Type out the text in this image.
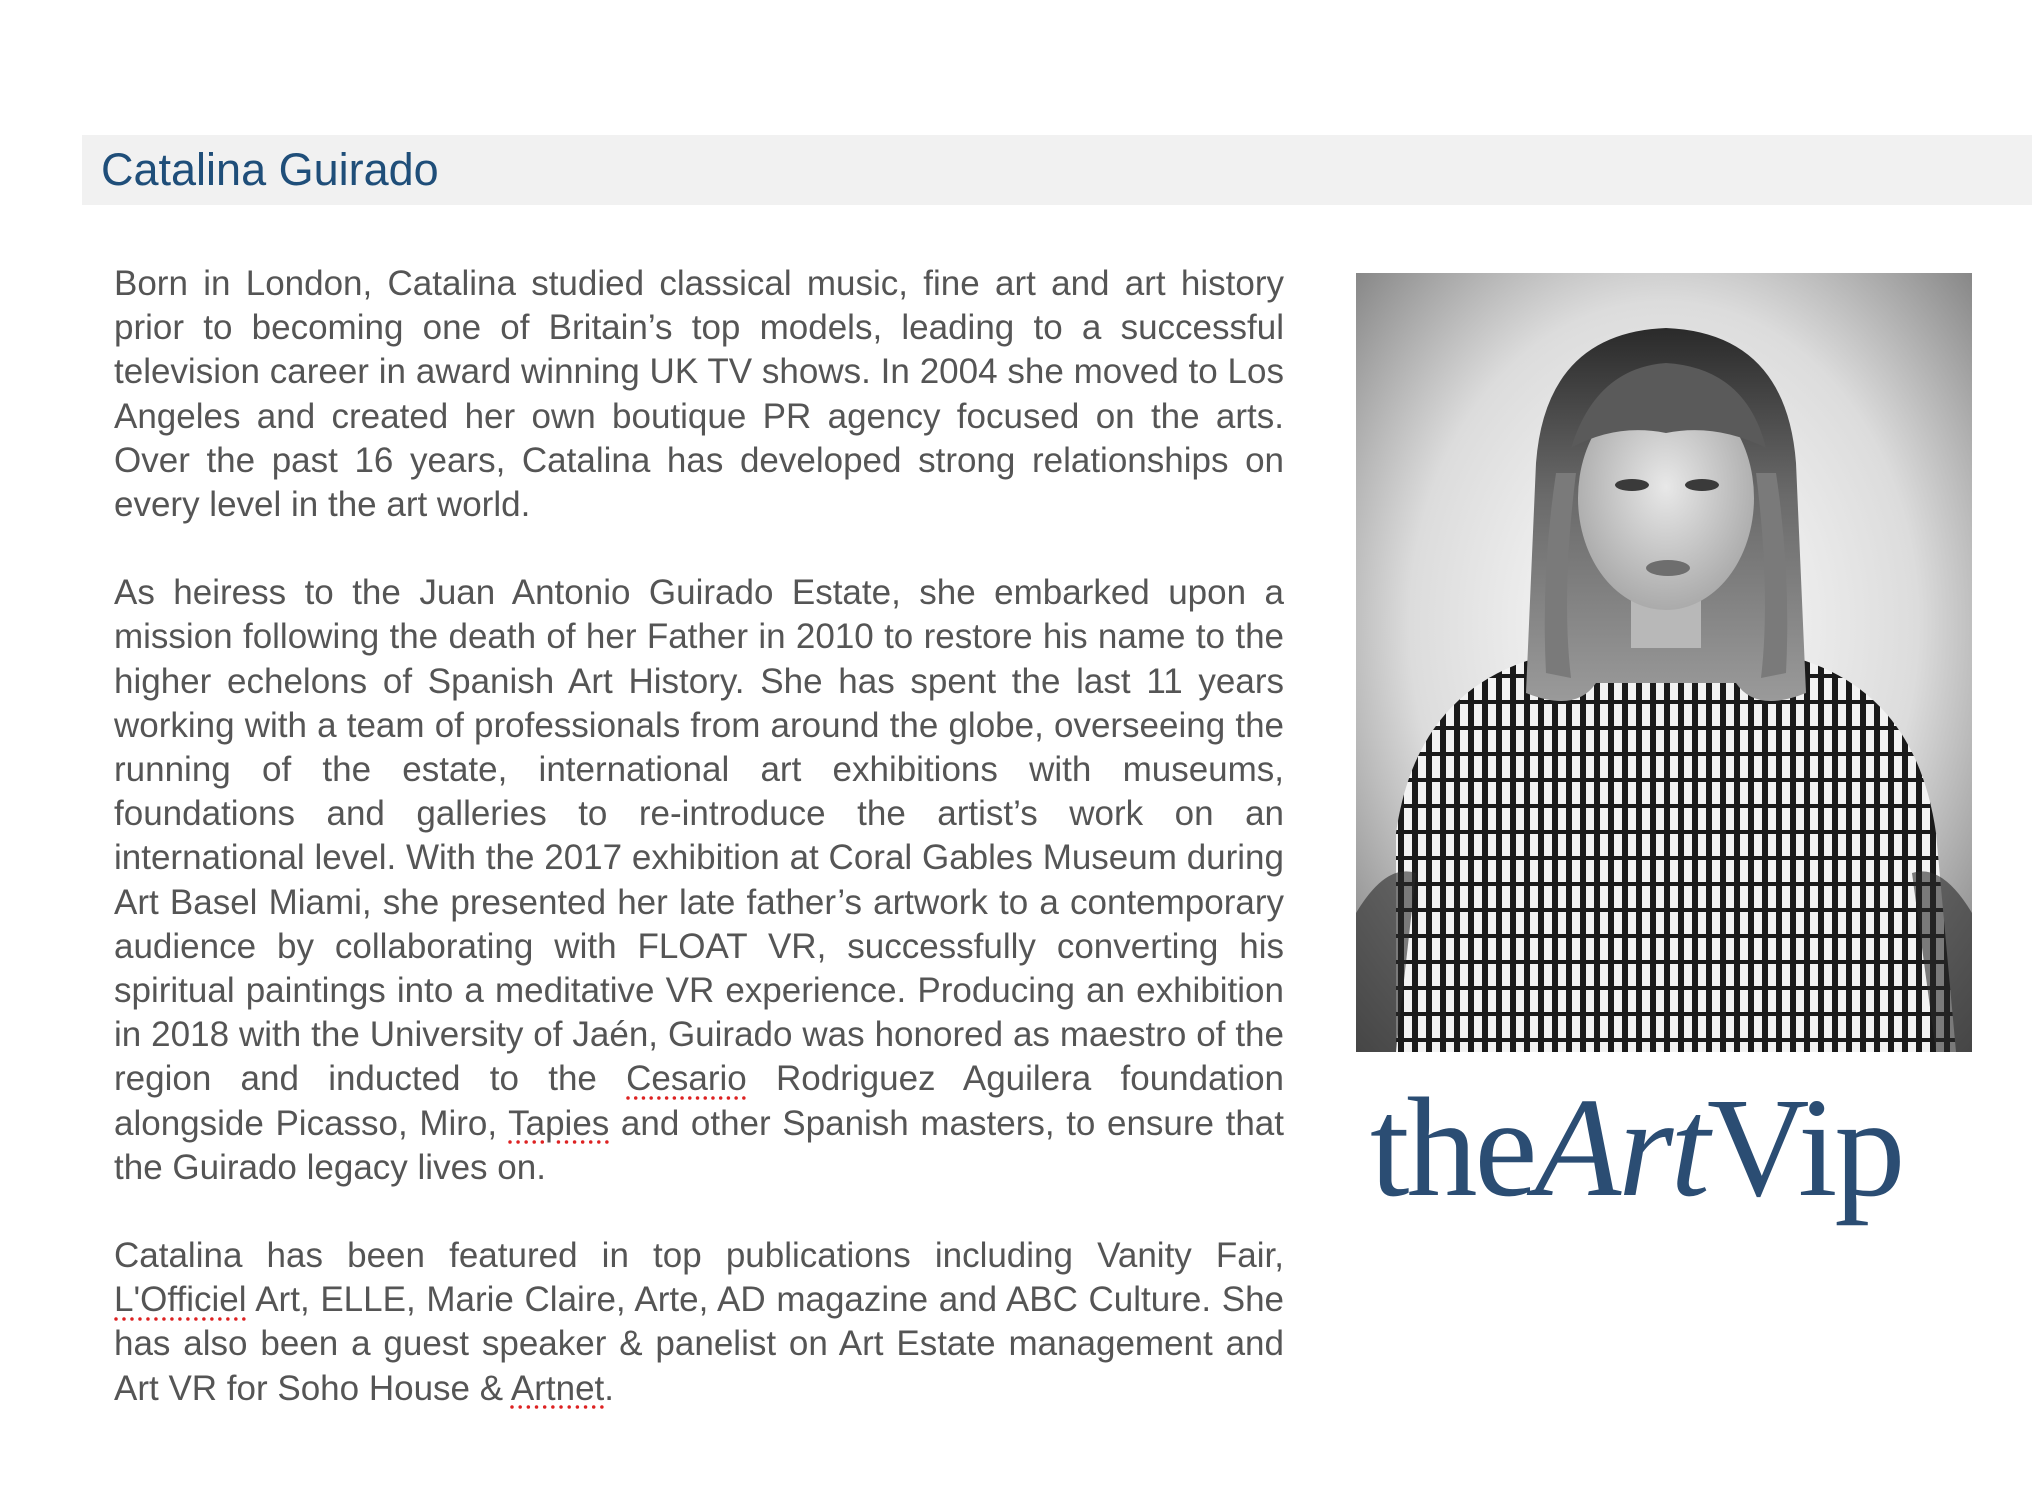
Catalina Guirado

Born in London, Catalina studied classical music, fine art and art history prior to becoming one of Britain’s top models, leading to a successful television career in award winning UK TV shows. In 2004 she moved to Los Angeles and created her own boutique PR agency focused on the arts. Over the past 16 years, Catalina has developed strong relationships on every level in the art world.

As heiress to the Juan Antonio Guirado Estate, she embarked upon a mission following the death of her Father in 2010 to restore his name to the higher echelons of Spanish Art History. She has spent the last 11 years working with a team of professionals from around the globe, overseeing the running of the estate, international art exhibitions with museums, foundations and galleries to re-introduce the artist’s work on an international level. With the 2017 exhibition at Coral Gables Museum during Art Basel Miami, she presented her late father’s artwork to a contemporary audience by collaborating with FLOAT VR, successfully converting his spiritual paintings into a meditative VR experience. Producing an exhibition in 2018 with the University of Jaén, Guirado was honored as maestro of the region and inducted to the Cesario Rodriguez Aguilera foundation alongside Picasso, Miro, Tapies and other Spanish masters, to ensure that the Guirado legacy lives on.

Catalina has been featured in top publications including Vanity Fair, L'Officiel Art, ELLE, Marie Claire, Arte, AD magazine and ABC Culture. She has also been a guest speaker & panelist on Art Estate management and Art VR for Soho House & Artnet.

theArtVip
